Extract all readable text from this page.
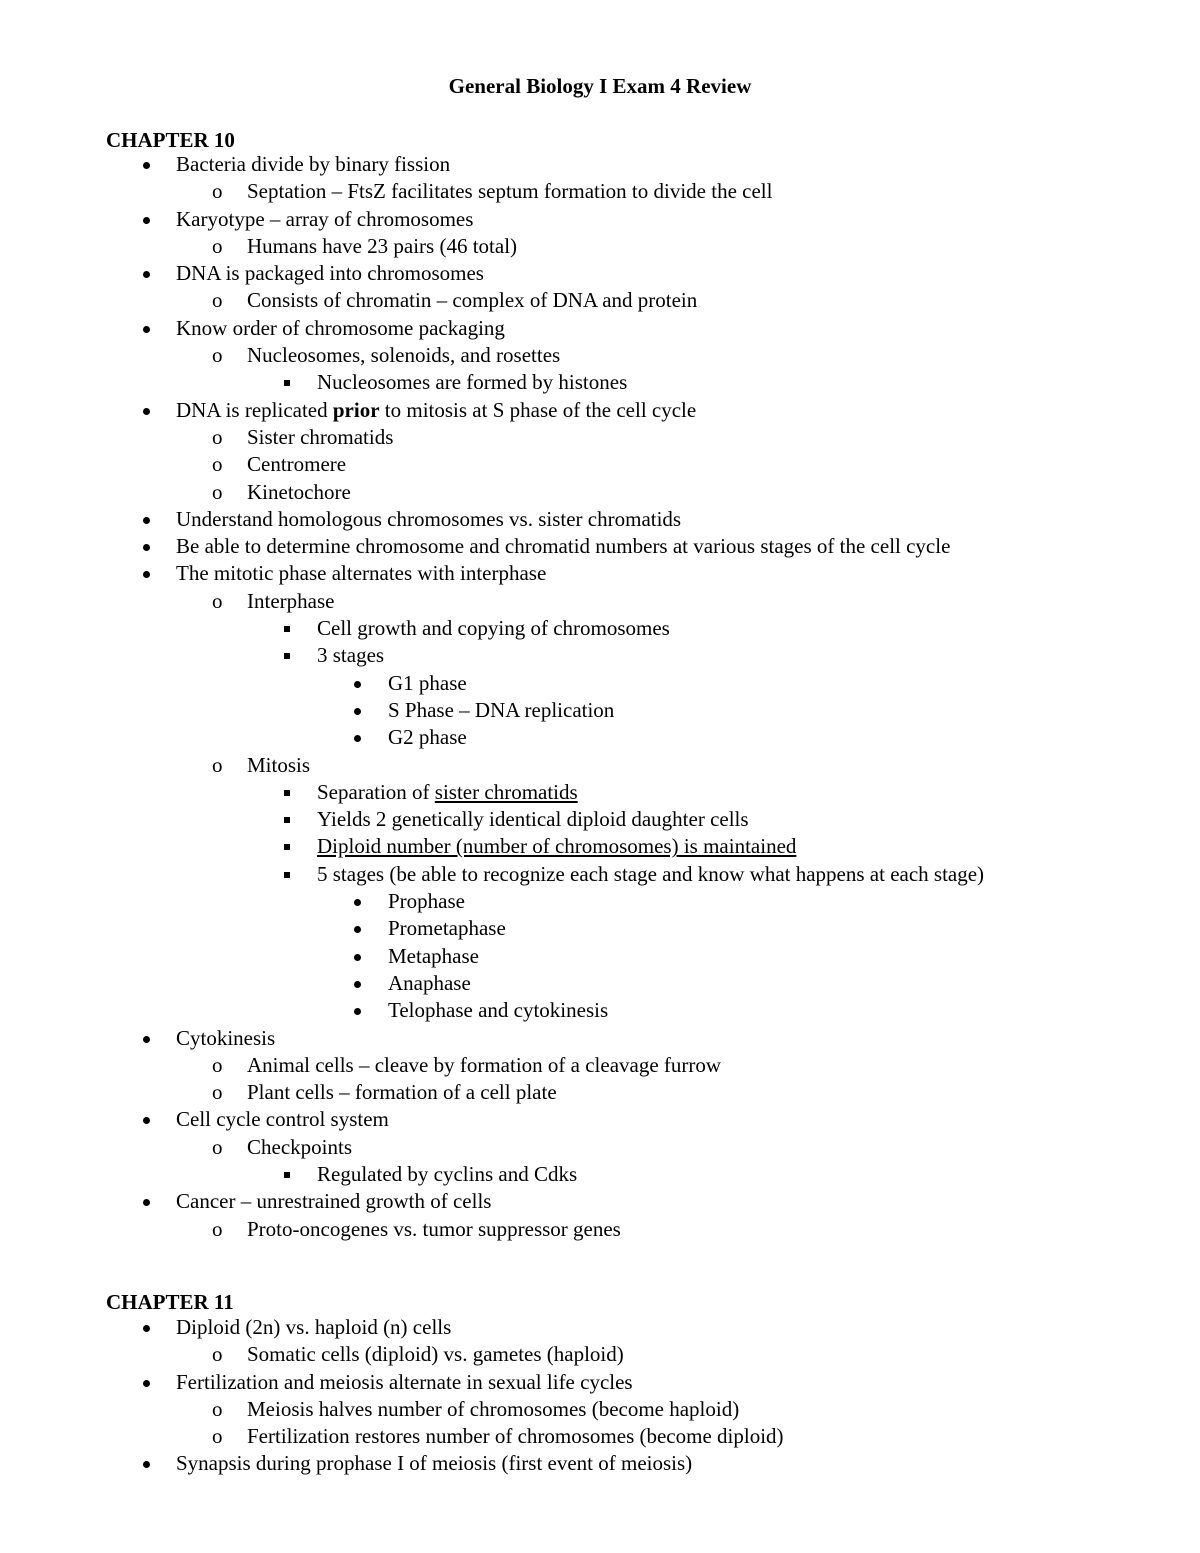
General Biology I Exam 4 Review
CHAPTER 10
Bacteria divide by binary fission
o Septation – FtsZ facilitates septum formation to divide the cell
Karyotype – array of chromosomes
o Humans have 23 pairs (46 total)
DNA is packaged into chromosomes
o Consists of chromatin – complex of DNA and protein
Know order of chromosome packaging
o Nucleosomes, solenoids, and rosettes
Nucleosomes are formed by histones
DNA is replicated prior to mitosis at S phase of the cell cycle
o Sister chromatids
o Centromere
o Kinetochore
Understand homologous chromosomes vs. sister chromatids
Be able to determine chromosome and chromatid numbers at various stages of the cell cycle
The mitotic phase alternates with interphase
o Interphase
Cell growth and copying of chromosomes
3 stages
G1 phase
S Phase – DNA replication
G2 phase
o Mitosis
Separation of sister chromatids
Yields 2 genetically identical diploid daughter cells
Diploid number (number of chromosomes) is maintained
5 stages (be able to recognize each stage and know what happens at each stage)
Prophase
Prometaphase
Metaphase
Anaphase
Telophase and cytokinesis
Cytokinesis
o Animal cells – cleave by formation of a cleavage furrow
o Plant cells – formation of a cell plate
Cell cycle control system
o Checkpoints
Regulated by cyclins and Cdks
Cancer – unrestrained growth of cells
o Proto-oncogenes vs. tumor suppressor genes
CHAPTER 11
Diploid (2n) vs. haploid (n) cells
o Somatic cells (diploid) vs. gametes (haploid)
Fertilization and meiosis alternate in sexual life cycles
o Meiosis halves number of chromosomes (become haploid)
o Fertilization restores number of chromosomes (become diploid)
Synapsis during prophase I of meiosis (first event of meiosis)
